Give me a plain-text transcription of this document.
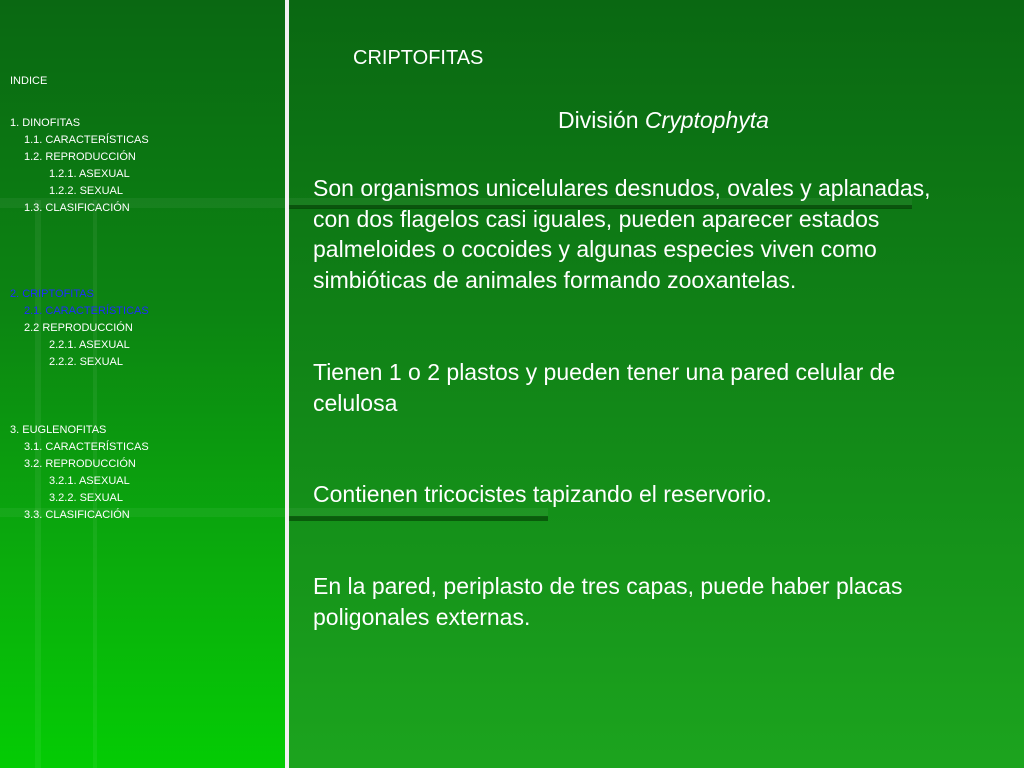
INDICE
1. DINOFITAS
1.1. CARACTERÍSTICAS
1.2. REPRODUCCIÓN
1.2.1. ASEXUAL
1.2.2. SEXUAL
1.3. CLASIFICACIÓN
2. CRIPTOFITAS
2.1. CARACTERÍSTICAS
2.2 REPRODUCCIÓN
2.2.1. ASEXUAL
2.2.2. SEXUAL
3. EUGLENOFITAS
3.1. CARACTERÍSTICAS
3.2. REPRODUCCIÓN
3.2.1. ASEXUAL
3.2.2. SEXUAL
3.3. CLASIFICACIÓN
CRIPTOFITAS
División Cryptophyta
Son organismos unicelulares desnudos, ovales y aplanadas,
con dos flagelos casi iguales, pueden aparecer estados
palmeloides o cocoides y algunas especies viven como
simbióticas de animales formando zooxantelas.
Tienen 1 o 2 plastos y pueden tener una pared celular de
celulosa
Contienen tricocistes tapizando el reservorio.
En la pared, periplasto de tres capas, puede haber placas
poligonales externas.
